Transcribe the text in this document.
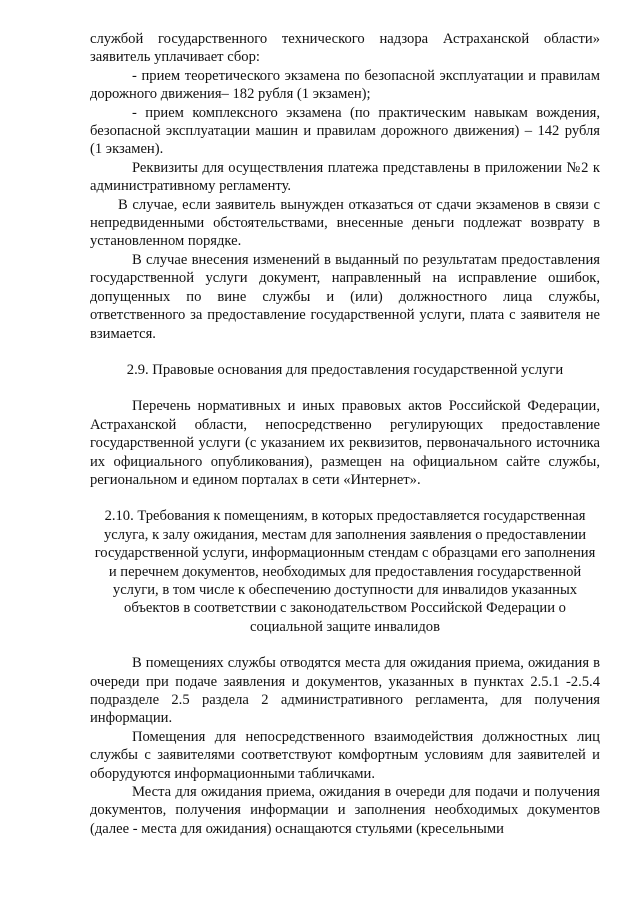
службой государственного технического надзора Астраханской области» заявитель уплачивает сбор:

- прием теоретического экзамена по безопасной эксплуатации и правилам дорожного движения– 182 рубля (1 экзамен);

- прием комплексного экзамена (по практическим навыкам вождения, безопасной эксплуатации машин и правилам дорожного движения) – 142 рубля (1 экзамен).

Реквизиты для осуществления платежа представлены в приложении №2 к административному регламенту.

В случае, если заявитель вынужден отказаться от сдачи экзаменов в связи с непредвиденными обстоятельствами, внесенные деньги подлежат возврату в установленном порядке.

В случае внесения изменений в выданный по результатам предоставления государственной услуги документ, направленный на исправление ошибок, допущенных по вине службы и (или) должностного лица службы, ответственного за предоставление государственной услуги, плата с заявителя не взимается.

2.9. Правовые основания для предоставления государственной услуги

Перечень нормативных и иных правовых актов Российской Федерации, Астраханской области, непосредственно регулирующих предоставление государственной услуги (с указанием их реквизитов, первоначального источника их официального опубликования), размещен на официальном сайте службы, региональном и едином порталах в сети «Интернет».

2.10. Требования к помещениям, в которых предоставляется государственная услуга, к залу ожидания, местам для заполнения заявления о предоставлении государственной услуги, информационным стендам с образцами его заполнения и перечнем документов, необходимых для предоставления государственной услуги, в том числе к обеспечению доступности для инвалидов указанных объектов в соответствии с законодательством Российской Федерации о социальной защите инвалидов

В помещениях службы отводятся места для ожидания приема, ожидания в очереди при подаче заявления и документов, указанных в пунктах 2.5.1 -2.5.4 подразделе 2.5 раздела 2 административного регламента, для получения информации.

Помещения для непосредственного взаимодействия должностных лиц службы с заявителями соответствуют комфортным условиям для заявителей и оборудуются информационными табличками.

Места для ожидания приема, ожидания в очереди для подачи и получения документов, получения информации и заполнения необходимых документов (далее - места для ожидания) оснащаются стульями (кресельными
